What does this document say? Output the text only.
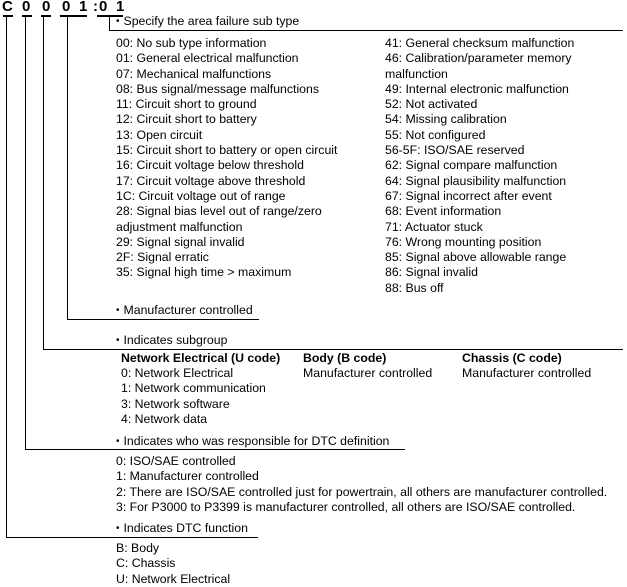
C 0 0 0 1 : 0 1
• Specify the area failure sub type
00: No sub type information
01: General electrical malfunction
07: Mechanical malfunctions
08: Bus signal/message malfunctions
11: Circuit short to ground
12: Circuit short to battery
13: Open circuit
15: Circuit short to battery or open circuit
16: Circuit voltage below threshold
17: Circuit voltage above threshold
1C: Circuit voltage out of range
28: Signal bias level out of range/zero adjustment malfunction
29: Signal signal invalid
2F: Signal erratic
35: Signal high time > maximum
41: General checksum malfunction
46: Calibration/parameter memory malfunction
49: Internal electronic malfunction
52: Not activated
54: Missing calibration
55: Not configured
56-5F: ISO/SAE reserved
62: Signal compare malfunction
64: Signal plausibility malfunction
67: Signal incorrect after event
68: Event information
71: Actuator stuck
76: Wrong mounting position
85: Signal above allowable range
86: Signal invalid
88: Bus off
• Manufacturer controlled
• Indicates subgroup
Network Electrical (U code)
0: Network Electrical
1: Network communication
3: Network software
4: Network data
Body (B code)
Manufacturer controlled
Chassis (C code)
Manufacturer controlled
• Indicates who was responsible for DTC definition
0: ISO/SAE controlled
1: Manufacturer controlled
2: There are ISO/SAE controlled just for powertrain, all others are manufacturer controlled.
3: For P3000 to P3399 is manufacturer controlled, all others are ISO/SAE controlled.
• Indicates DTC function
B: Body
C: Chassis
U: Network Electrical
